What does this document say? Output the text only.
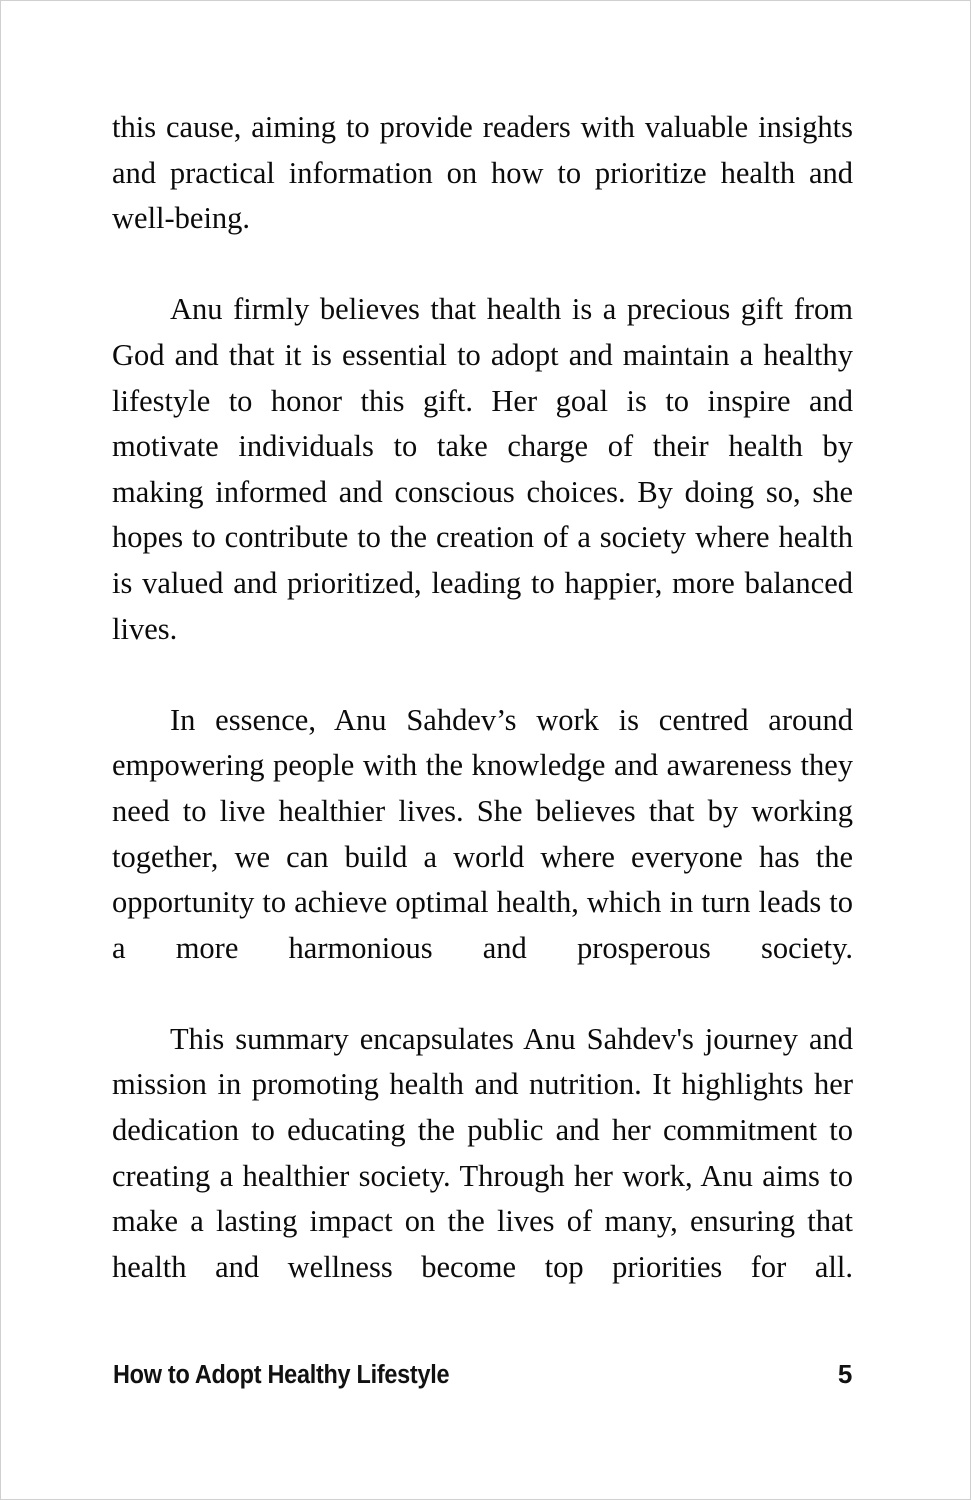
this cause, aiming to provide readers with valuable insights and practical information on how to prioritize health and well-being.

Anu firmly believes that health is a precious gift from God and that it is essential to adopt and maintain a healthy lifestyle to honor this gift. Her goal is to inspire and motivate individuals to take charge of their health by making informed and conscious choices. By doing so, she hopes to contribute to the creation of a society where health is valued and prioritized, leading to happier, more balanced lives.

In essence, Anu Sahdev’s work is centred around empowering people with the knowledge and awareness they need to live healthier lives. She believes that by working together, we can build a world where everyone has the opportunity to achieve optimal health, which in turn leads to a more harmonious and prosperous society.

This summary encapsulates Anu Sahdev's journey and mission in promoting health and nutrition. It highlights her dedication to educating the public and her commitment to creating a healthier society. Through her work, Anu aims to make a lasting impact on the lives of many, ensuring that health and wellness become top priorities for all.

How to Adopt Healthy Lifestyle	5
